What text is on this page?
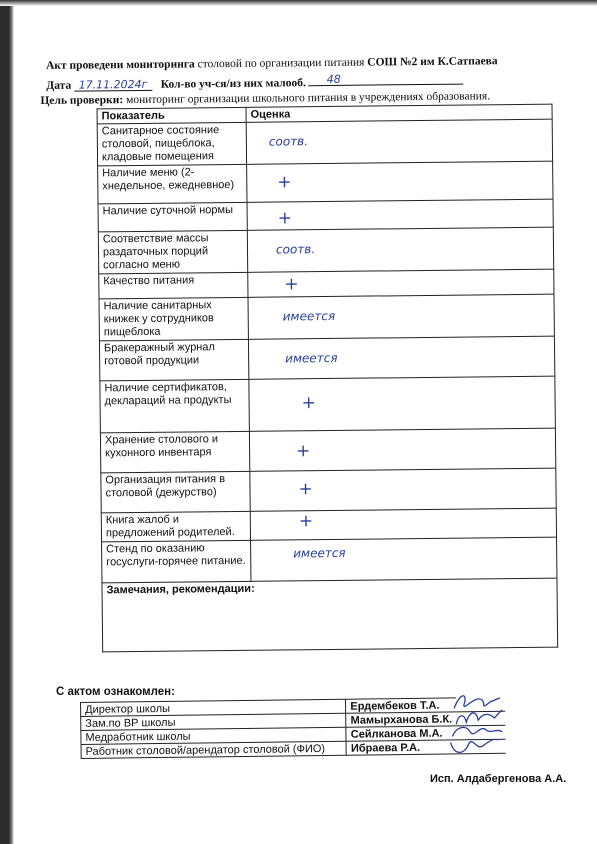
Акт проведени мониторинга столовой по организации питания СОШ №2 им К.Сатпаева
Дата 17.11.2024г Кол-во уч-ся/из них малооб. 48
Цель проверки: мониторинг организации школьного питания в учреждениях образования.
Показатель	Оценка
Санитарное состояние столовой, пищеблока, кладовые помещения	соотв.

Наличие меню (2-хнедельное, ежедневное)	+

Наличие суточной нормы	+

Соответствие массы раздаточных порций согласно меню	соотв.

Качество питания	+

Наличие санитарных книжек у сотрудников пищеблока	имеется

Бракеражный журнал готовой продукции	имеется

Наличие сертификатов, деклараций на продукты	+

Хранение столового и кухонного инвентаря	+

Организация питания в столовой (дежурство)	+

Книга жалоб и предложений родителей.	+

Стенд по оказанию госуслуги-горячее питание.	имеется

Замечания, рекомендации:	
С актом ознакомлен:
Директор школы	Ердембеков Т.А.	

Зам.по ВР школы	Мамырханова Б.К.	

Медработник школы	Сейлканова М.А.	

Работник столовой/арендатор столовой (ФИО)	Ибраева Р.А.	
Исп. Алдабергенова А.А.
